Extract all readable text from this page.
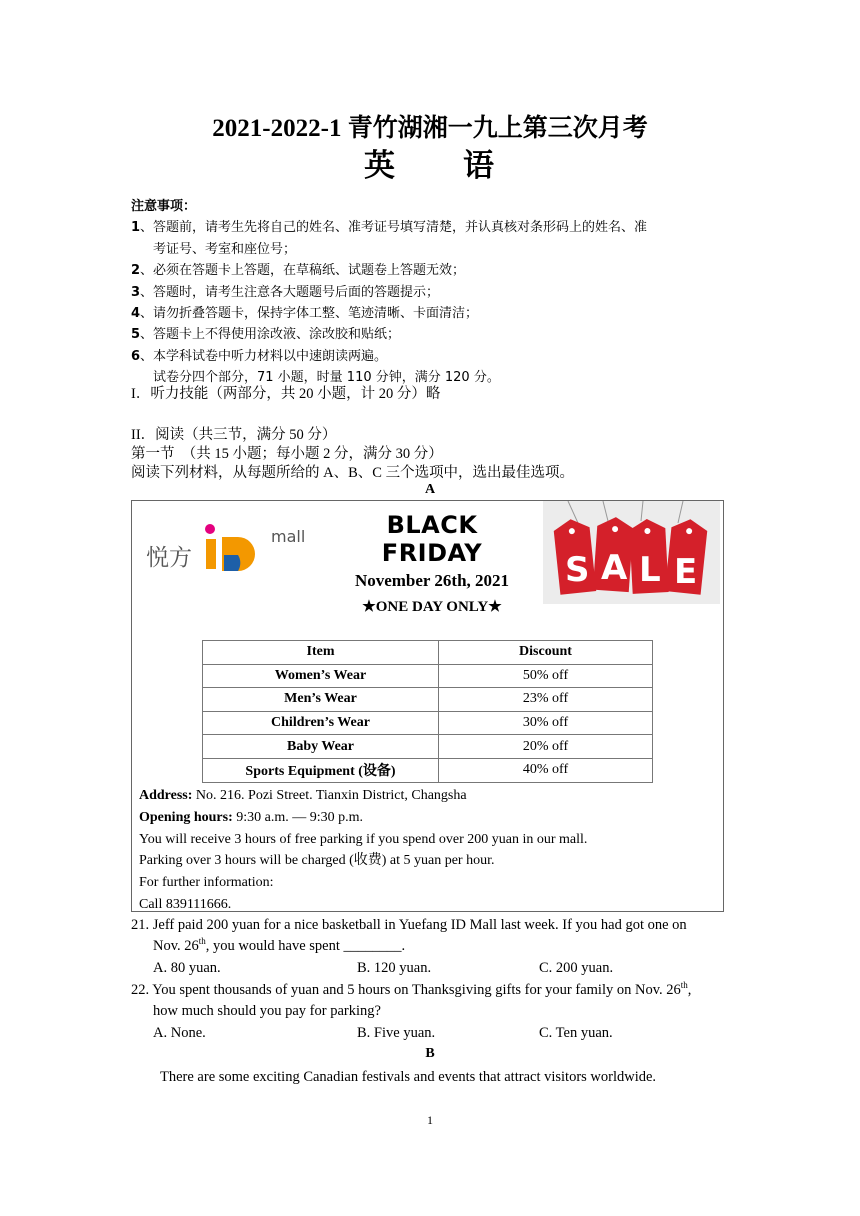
2021-2022-1 青竹湖湘一九上第三次月考
英　　语
注意事项：
1、答题前，请考生先将自己的姓名、准考证号填写清楚，并认真核对条形码上的姓名、准
考证号、考室和座位号；
2、必须在答题卡上答题，在草稿纸、试题卷上答题无效；
3、答题时，请考生注意各大题题号后面的答题提示；
4、请勿折叠答题卡，保持字体工整、笔迹清晰、卡面清洁；
5、答题卡上不得使用涂改液、涂改胶和贴纸；
6、本学科试卷中听力材料以中速朗读两遍。
试卷分四个部分，71 小题，时量 110 分钟，满分 120 分。
I．听力技能（两部分，共 20 小题，计 20 分）略
II．阅读（共三节，满分 50 分）
第一节　（共 15 小题；每小题 2 分，满分 30 分）
阅读下列材料，从每题所给的 A、B、C 三个选项中，选出最佳选项。
A
悦方
mall	BLACK FRIDAY
November 26th, 2021
★ONE DAY ONLY★
S A L E
Item	Discount
Women’s Wear	50% off
Men’s Wear	23% off
Children’s Wear	30% off
Baby Wear	20% off
Sports Equipment (设备)	40% off
Address: No. 216. Pozi Street. Tianxin District, Changsha
Opening hours: 9:30 a.m. — 9:30 p.m.
You will receive 3 hours of free parking if you spend over 200 yuan in our mall.
Parking over 3 hours will be charged (收费) at 5 yuan per hour.
For further information:
Call 839111666.
21. Jeff paid 200 yuan for a nice basketball in Yuefang ID Mall last week. If you had got one on
Nov. 26th, you would have spent ________.
A. 80 yuan.	B. 120 yuan.	C. 200 yuan.
22. You spent thousands of yuan and 5 hours on Thanksgiving gifts for your family on Nov. 26th,
how much should you pay for parking?
A. None.	B. Five yuan.	C. Ten yuan.
B
There are some exciting Canadian festivals and events that attract visitors worldwide.
1
